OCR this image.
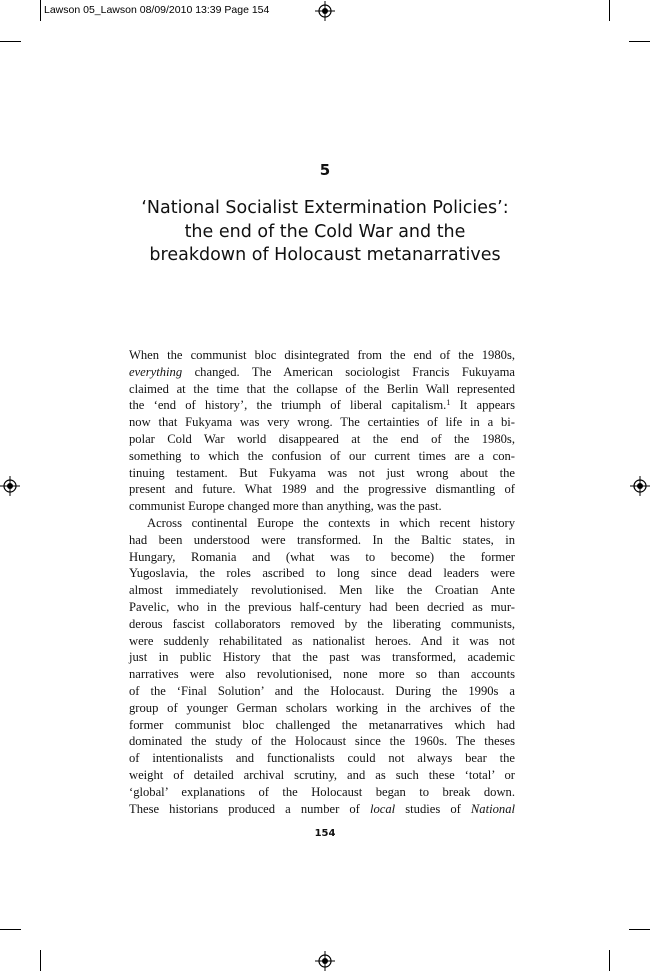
Lawson 05_Lawson 08/09/2010 13:39 Page 154
5
‘National Socialist Extermination Policies’:
the end of the Cold War and the
breakdown of Holocaust metanarratives
When the communist bloc disintegrated from the end of the 1980s,
everything changed. The American sociologist Francis Fukuyama
claimed at the time that the collapse of the Berlin Wall represented
the ‘end of history’, the triumph of liberal capitalism.$^1$ It appears
now that Fukyama was very wrong. The certainties of life in a bi-
polar Cold War world disappeared at the end of the 1980s,
something to which the confusion of our current times are a con-
tinuing testament. But Fukyama was not just wrong about the
present and future. What 1989 and the progressive dismantling of
communist Europe changed more than anything, was the past.
Across continental Europe the contexts in which recent history
had been understood were transformed. In the Baltic states, in
Hungary, Romania and (what was to become) the former
Yugoslavia, the roles ascribed to long since dead leaders were
almost immediately revolutionised. Men like the Croatian Ante
Pavelic, who in the previous half-century had been decried as mur-
derous fascist collaborators removed by the liberating communists,
were suddenly rehabilitated as nationalist heroes. And it was not
just in public History that the past was transformed, academic
narratives were also revolutionised, none more so than accounts
of the ‘Final Solution’ and the Holocaust. During the 1990s a
group of younger German scholars working in the archives of the
former communist bloc challenged the metanarratives which had
dominated the study of the Holocaust since the 1960s. The theses
of intentionalists and functionalists could not always bear the
weight of detailed archival scrutiny, and as such these ‘total’ or
‘global’ explanations of the Holocaust began to break down.
These historians produced a number of local studies of National
154
